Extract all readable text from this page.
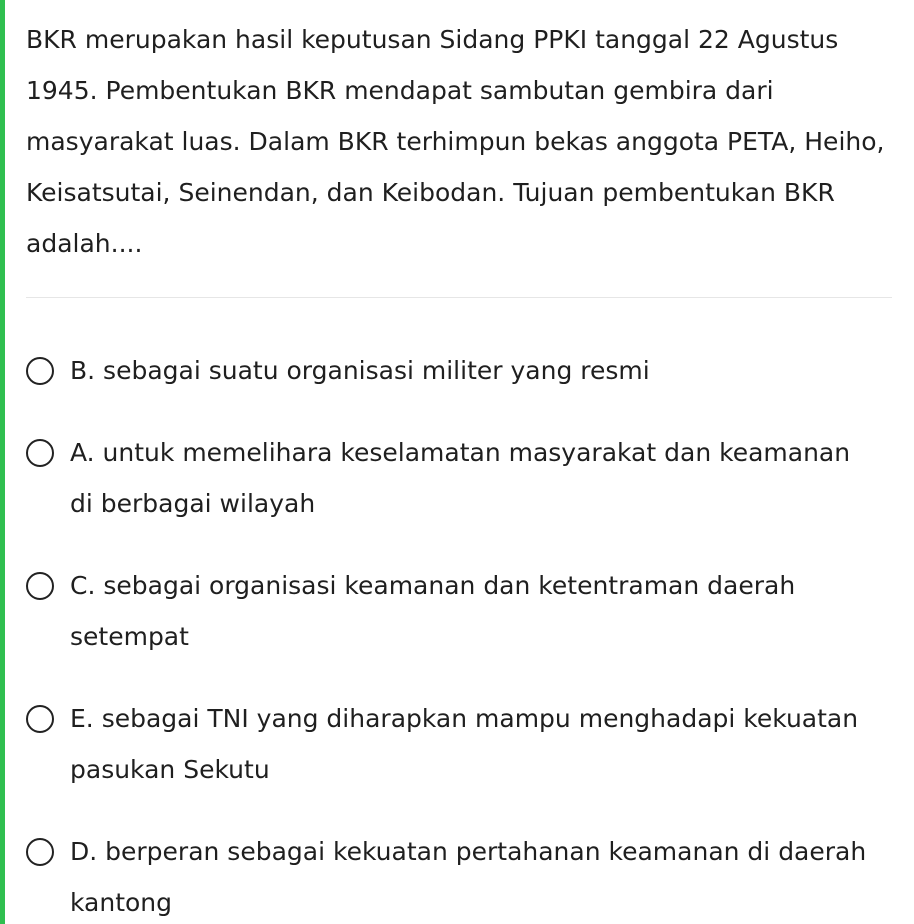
BKR merupakan hasil keputusan Sidang PPKI tanggal 22 Agustus 1945. Pembentukan BKR mendapat sambutan gembira dari masyarakat luas. Dalam BKR terhimpun bekas anggota PETA, Heiho, Keisatsutai, Seinendan, dan Keibodan. Tujuan pembentukan BKR adalah....

B. sebagai suatu organisasi militer yang resmi
A. untuk memelihara keselamatan masyarakat dan keamanan di berbagai wilayah
C. sebagai organisasi keamanan dan ketentraman daerah setempat
E. sebagai TNI yang diharapkan mampu menghadapi kekuatan pasukan Sekutu
D. berperan sebagai kekuatan pertahanan keamanan di daerah kantong
